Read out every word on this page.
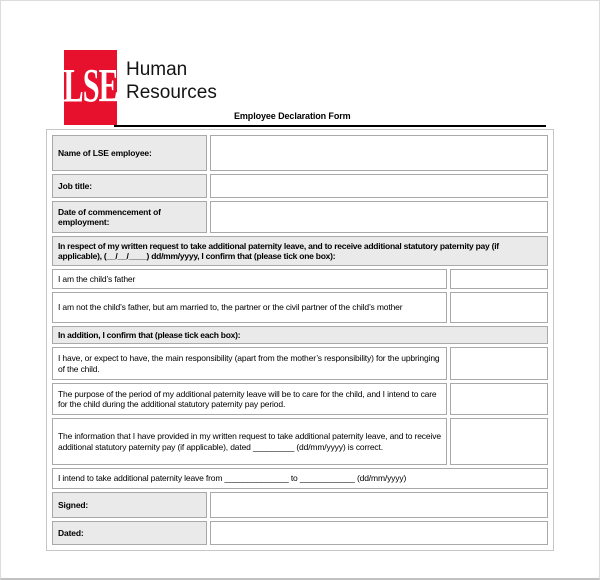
LSE Human
Resources
Employee Declaration Form
Name of LSE employee:		
Job title:		
Date of commencement of employment:		
In respect of my written request to take additional paternity leave, and to receive additional statutory paternity pay (if applicable), (__/__/____) dd/mm/yyyy, I confirm that (please tick one box):		
I am the child’s father		
I am not the child’s father, but am married to, the partner or the civil partner of the child’s mother		
In addition, I confirm that (please tick each box):		
I have, or expect to have, the main responsibility (apart from the mother’s responsibility) for the upbringing of the child.		
The purpose of the period of my additional paternity leave will be to care for the child, and I intend to care for the child during the additional statutory paternity pay period.		
The information that I have provided in my written request to take additional paternity leave, and to receive additional statutory paternity pay (if applicable), dated _________ (dd/mm/yyyy) is correct.		
I intend to take additional paternity leave from ______________ to ____________ (dd/mm/yyyy)		
Signed:		
Dated:		
